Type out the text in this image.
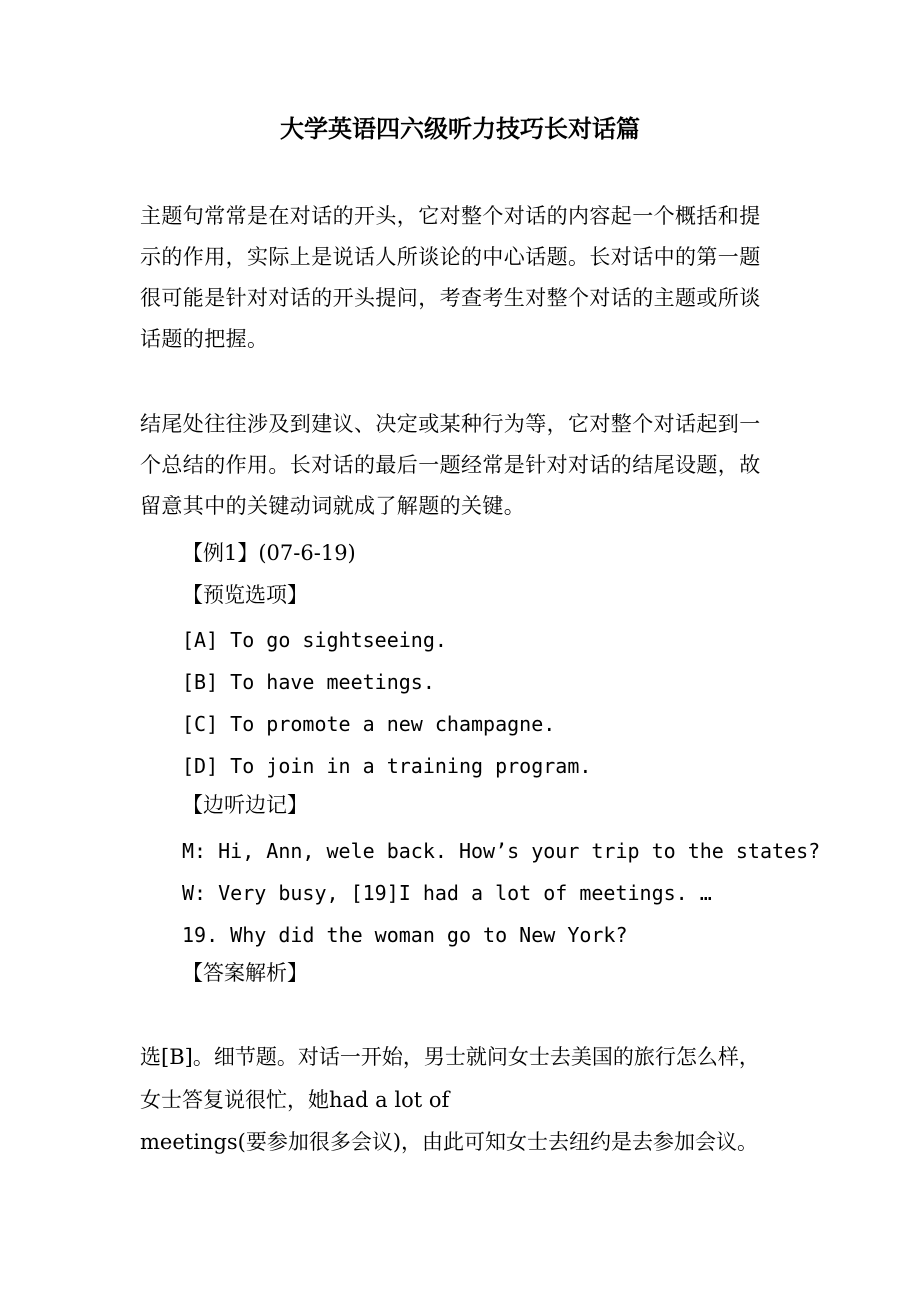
大学英语四六级听力技巧长对话篇

主题句常常是在对话的开头，它对整个对话的内容起一个概括和提示的作用，实际上是说话人所谈论的中心话题。长对话中的第一题很可能是针对对话的开头提问，考查考生对整个对话的主题或所谈话题的把握。

结尾处往往涉及到建议、决定或某种行为等，它对整个对话起到一个总结的作用。长对话的最后一题经常是针对对话的结尾设题，故留意其中的关键动词就成了解题的关键。

【例1】(07-6-19)
【预览选项】
[A] To go sightseeing.
[B] To have meetings.
[C] To promote a new champagne.
[D] To join in a training program.
【边听边记】
M: Hi, Ann, wele back. How’s your trip to the states?
W: Very busy, [19]I had a lot of meetings. …
19. Why did the woman go to New York?
【答案解析】
选[B]。细节题。对话一开始，男士就问女士去美国的旅行怎么样，
女士答复说很忙，她had a lot of
meetings(要参加很多会议)，由此可知女士去纽约是去参加会议。
